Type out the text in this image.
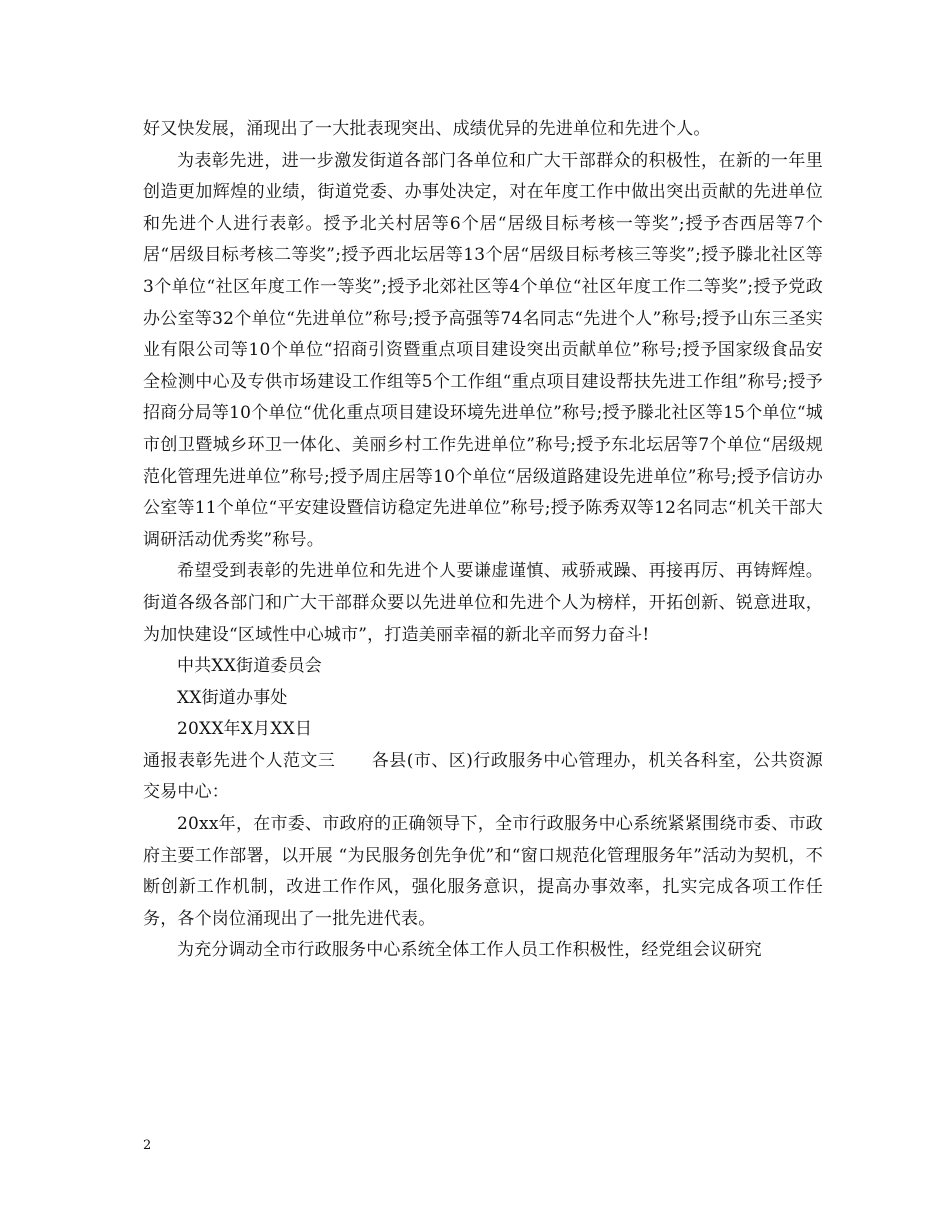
好又快发展，涌现出了一大批表现突出、成绩优异的先进单位和先进个人。

为表彰先进，进一步激发街道各部门各单位和广大干部群众的积极性，在新的一年里创造更加辉煌的业绩，街道党委、办事处决定，对在年度工作中做出突出贡献的先进单位和先进个人进行表彰。授予北关村居等6个居“居级目标考核一等奖”;授予杏西居等7个居“居级目标考核二等奖”;授予西北坛居等13个居“居级目标考核三等奖”;授予滕北社区等3个单位“社区年度工作一等奖”;授予北郊社区等4个单位“社区年度工作二等奖”;授予党政办公室等32个单位“先进单位”称号;授予高强等74名同志“先进个人”称号;授予山东三圣实业有限公司等10个单位“招商引资暨重点项目建设突出贡献单位”称号;授予国家级食品安全检测中心及专供市场建设工作组等5个工作组“重点项目建设帮扶先进工作组”称号;授予招商分局等10个单位“优化重点项目建设环境先进单位”称号;授予滕北社区等15个单位“城市创卫暨城乡环卫一体化、美丽乡村工作先进单位”称号;授予东北坛居等7个单位“居级规范化管理先进单位”称号;授予周庄居等10个单位“居级道路建设先进单位”称号;授予信访办公室等11个单位“平安建设暨信访稳定先进单位”称号;授予陈秀双等12名同志“机关干部大调研活动优秀奖”称号。

希望受到表彰的先进单位和先进个人要谦虚谨慎、戒骄戒躁、再接再厉、再铸辉煌。街道各级各部门和广大干部群众要以先进单位和先进个人为榜样，开拓创新、锐意进取，为加快建设“区域性中心城市”，打造美丽幸福的新北辛而努力奋斗!

中共XX街道委员会

XX街道办事处

20XX年X月XX日

通报表彰先进个人范文三 各县(市、区)行政服务中心管理办，机关各科室，公共资源交易中心：

20xx年，在市委、市政府的正确领导下，全市行政服务中心系统紧紧围绕市委、市政府主要工作部署，以开展 “为民服务创先争优”和“窗口规范化管理服务年”活动为契机，不断创新工作机制，改进工作作风，强化服务意识，提高办事效率，扎实完成各项工作任务，各个岗位涌现出了一批先进代表。

为充分调动全市行政服务中心系统全体工作人员工作积极性，经党组会议研究

2
